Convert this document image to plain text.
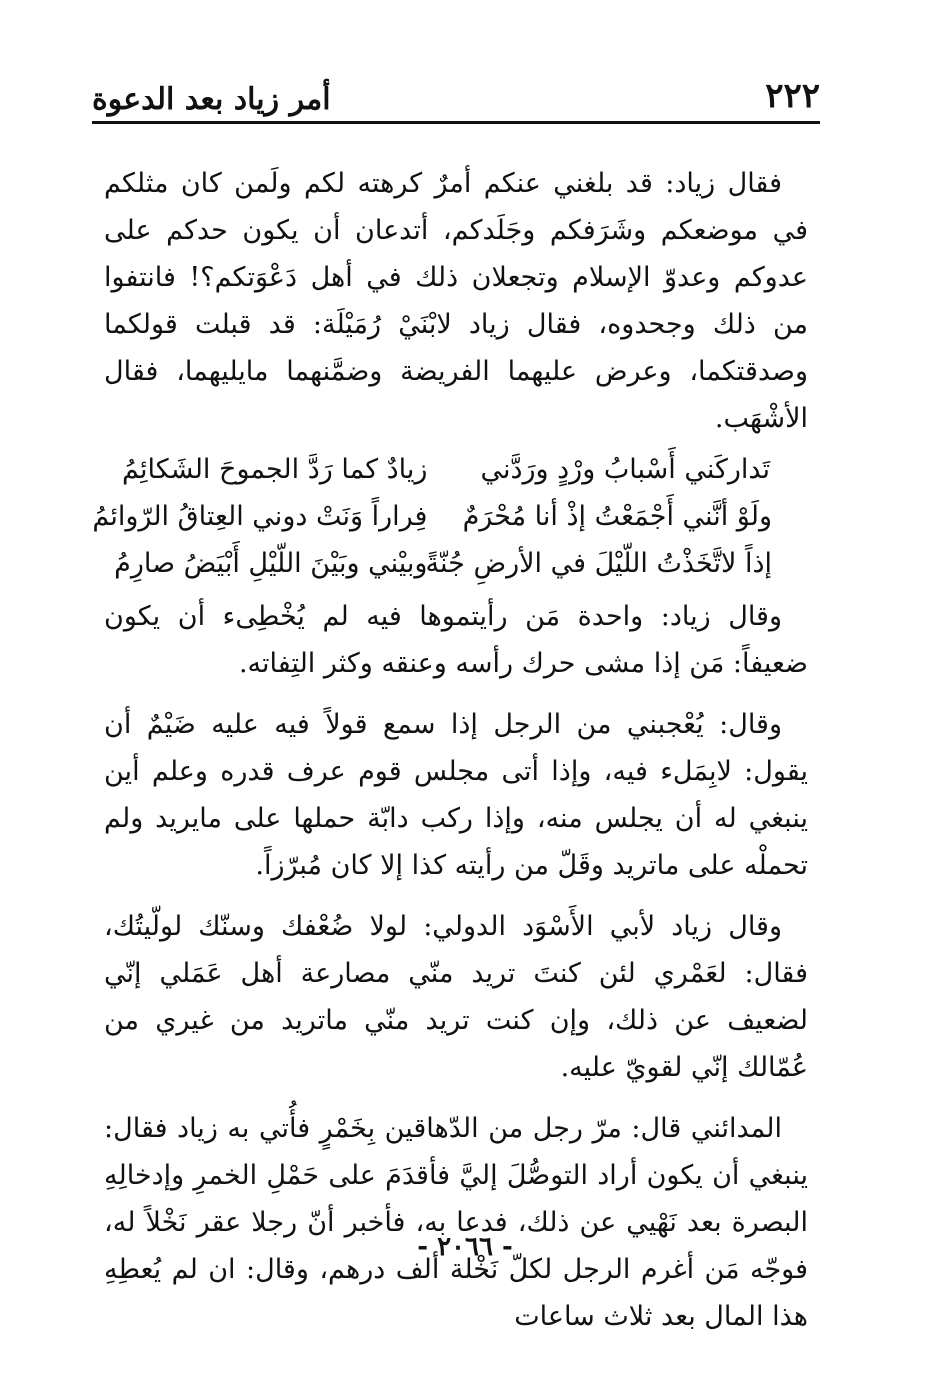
٢٢٢
أمر زياد بعد الدعوة

فقال زياد: قد بلغني عنكم أمرٌ كرهته لكم ولَمن كان مثلكم في موضعكم وشَرَفكم وجَلَدكم، أتدعان أن يكون حدكم على عدوكم وعدوّ الإسلام وتجعلان ذلك في أهل دَعْوَتكم؟! فانتفوا من ذلك وجحدوه، فقال زياد لابْنَيْ رُمَيْلَة: قد قبلت قولكما وصدقتكما، وعرض عليهما الفريضة وضمَّنهما مايليهما، فقال الأشْهَب.

تَداركَني أَسْبابُ ورْدٍ ورَدَّني
زيادٌ كما رَدَّ الجموحَ الشَكائِمُ
ولَوْ أنَّني أَجْمَعْتُ إذْ أنا مُحْرَمٌ
فِراراً وَنَتْ دوني العِتاقُ الرّوائمُ
إذاً لاتَّخَذْتُ اللّيْلَ في الأرضِ جُنّةً
وبيْني وبَيْنَ اللّيْلِ أَبْيَضُ صارِمُ

وقال زياد: واحدة مَن رأيتموها فيه لم يُخْطِىء أن يكون ضعيفاً: مَن إذا مشى حرك رأسه وعنقه وكثر التِفاته.

وقال: يُعْجبني من الرجل إذا سمع قولاً فيه عليه ضَيْمٌ أن يقول: لابِمَلء فيه، وإذا أتى مجلس قوم عرف قدره وعلم أين ينبغي له أن يجلس منه، وإذا ركب دابّة حملها على مايريد ولم تحملْه على ماتريد وقَلّ من رأيته كذا إلا كان مُبرّزاً.

وقال زياد لأبي الأَسْوَد الدولي: لولا ضُعْفك وسنّك لولّيتُك، فقال: لعَمْري لئن كنتَ تريد منّي مصارعة أهل عَمَلي إنّي لضعيف عن ذلك، وإن كنت تريد منّي ماتريد من غيري من عُمّالك إنّي لقويّ عليه.

المدائني قال: مرّ رجل من الدّهاقين بِخَمْرٍ فأُتي به زياد فقال: ينبغي أن يكون أراد التوصُّلَ إليَّ فأقدَمَ على حَمْلِ الخمرِ وإدخالِهِ البصرة بعد نَهْيي عن ذلك، فدعا به، فأخبر أنّ رجلا عقر نَخْلاً له، فوجّه مَن أغرم الرجل لكلّ نَخْلة ألف درهم، وقال: ان لم يُعطِهِ هذا المال بعد ثلاث ساعات

- ٢٠٦٦ -
